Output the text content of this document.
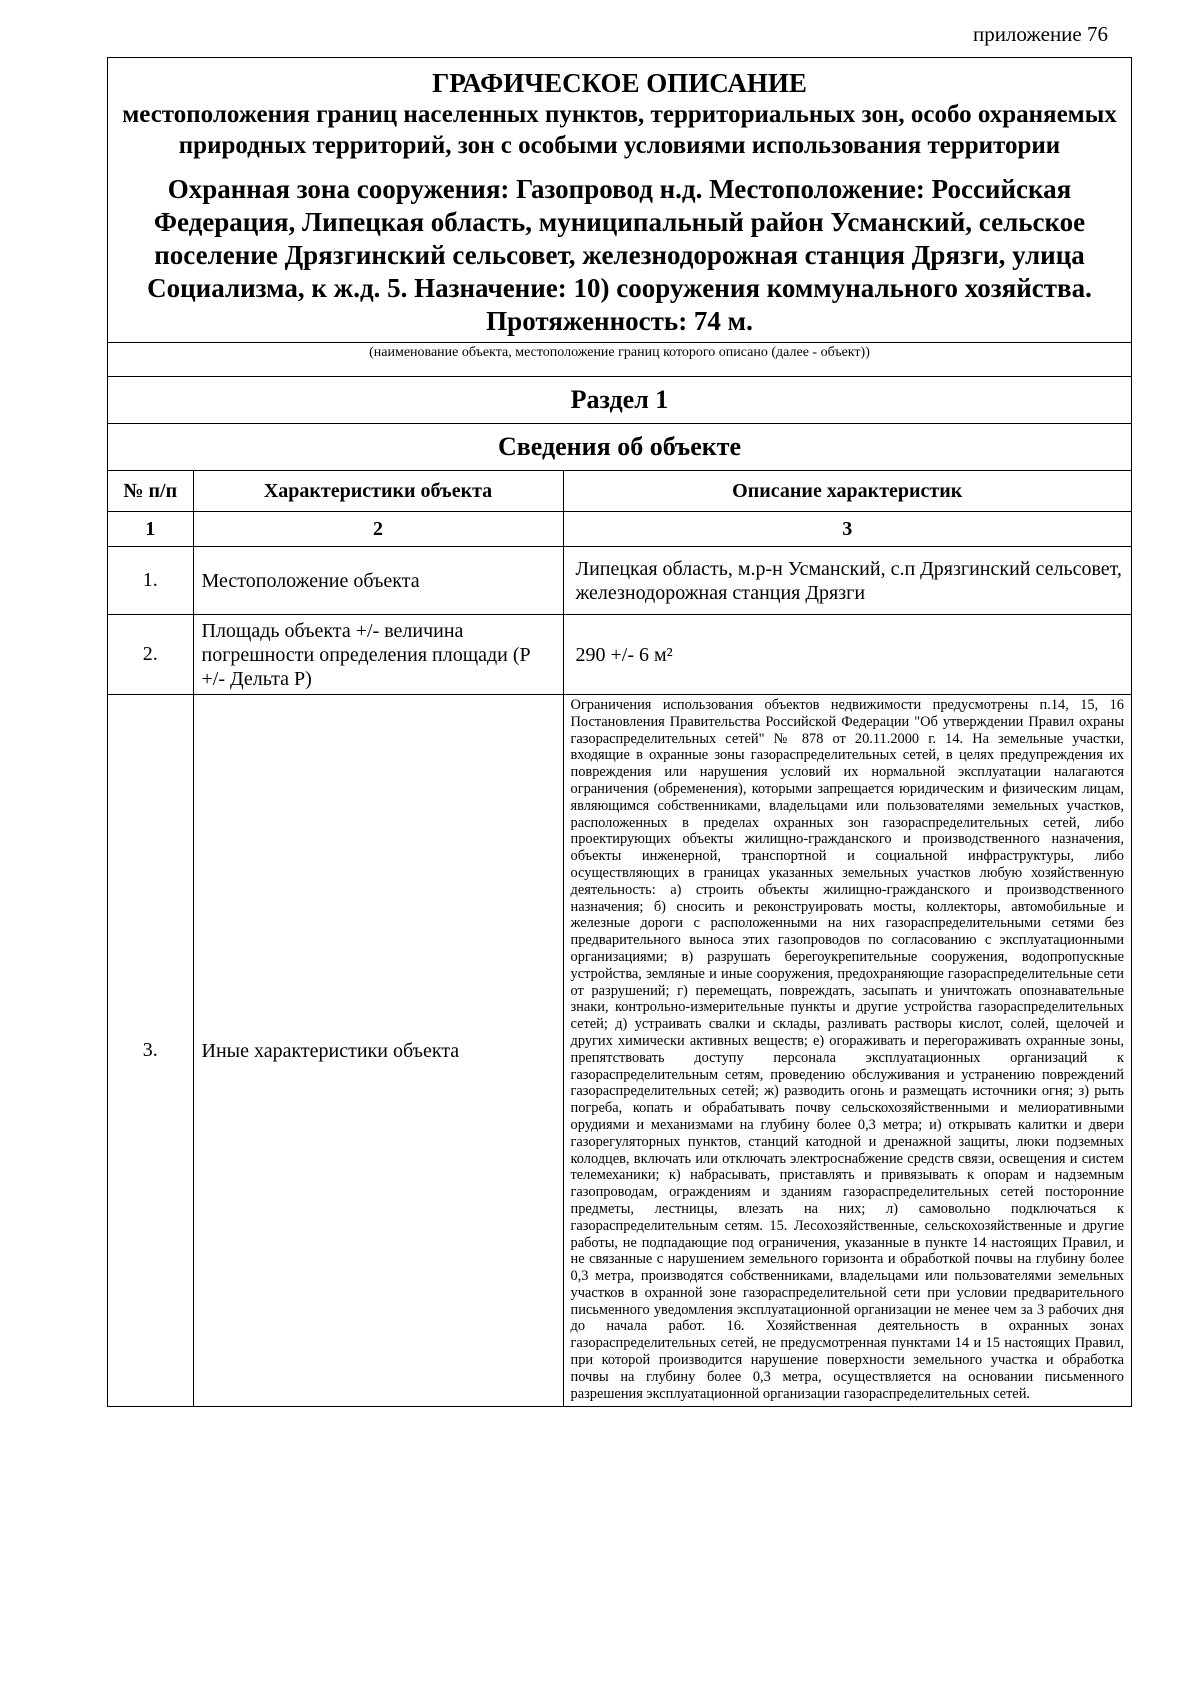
приложение 76
ГРАФИЧЕСКОЕ ОПИСАНИЕ
местоположения границ населенных пунктов, территориальных зон, особо охраняемых природных территорий, зон с особыми условиями использования территории
Охранная зона сооружения: Газопровод н.д. Местоположение: Российская Федерация, Липецкая область, муниципальный район Усманский, сельское поселение Дрязгинский сельсовет, железнодорожная станция Дрязги, улица Социализма, к ж.д. 5. Назначение: 10) сооружения коммунального хозяйства. Протяженность: 74 м.
(наименование объекта, местоположение границ которого описано (далее - объект))
Раздел 1
Сведения об объекте
№ п/п	Характеристики объекта	Описание характеристик
1	2	3
1.	Местоположение объекта	Липецкая область, м.р-н Усманский, с.п Дрязгинский сельсовет, железнодорожная станция Дрязги
2.	Площадь объекта +/- величина погрешности определения площади (Р +/- Дельта Р)	290 +/- 6 м²
3.	Иные характеристики объекта	Ограничения использования объектов недвижимости предусмотрены п.14, 15, 16 Постановления Правительства Российской Федерации "Об утверждении Правил охраны газораспределительных сетей" № 878 от 20.11.2000 г. 14. На земельные участки, входящие в охранные зоны газораспределительных сетей, в целях предупреждения их повреждения или нарушения условий их нормальной эксплуатации налагаются ограничения (обременения), которыми запрещается юридическим и физическим лицам, являющимся собственниками, владельцами или пользователями земельных участков, расположенных в пределах охранных зон газораспределительных сетей, либо проектирующих объекты жилищно-гражданского и производственного назначения, объекты инженерной, транспортной и социальной инфраструктуры, либо осуществляющих в границах указанных земельных участков любую хозяйственную деятельность: а) строить объекты жилищно-гражданского и производственного назначения; б) сносить и реконструировать мосты, коллекторы, автомобильные и железные дороги с расположенными на них газораспределительными сетями без предварительного выноса этих газопроводов по согласованию с эксплуатационными организациями; в) разрушать берегоукрепительные сооружения, водопропускные устройства, земляные и иные сооружения, предохраняющие газораспределительные сети от разрушений; г) перемещать, повреждать, засыпать и уничтожать опознавательные знаки, контрольно-измерительные пункты и другие устройства газораспределительных сетей; д) устраивать свалки и склады, разливать растворы кислот, солей, щелочей и других химически активных веществ; е) огораживать и перегораживать охранные зоны, препятствовать доступу персонала эксплуатационных организаций к газораспределительным сетям, проведению обслуживания и устранению повреждений газораспределительных сетей; ж) разводить огонь и размещать источники огня; з) рыть погреба, копать и обрабатывать почву сельскохозяйственными и мелиоративными орудиями и механизмами на глубину более 0,3 метра; и) открывать калитки и двери газорегуляторных пунктов, станций катодной и дренажной защиты, люки подземных колодцев, включать или отключать электроснабжение средств связи, освещения и систем телемеханики; к) набрасывать, приставлять и привязывать к опорам и надземным газопроводам, ограждениям и зданиям газораспределительных сетей посторонние предметы, лестницы, влезать на них; л) самовольно подключаться к газораспределительным сетям. 15. Лесохозяйственные, сельскохозяйственные и другие работы, не подпадающие под ограничения, указанные в пункте 14 настоящих Правил, и не связанные с нарушением земельного горизонта и обработкой почвы на глубину более 0,3 метра, производятся собственниками, владельцами или пользователями земельных участков в охранной зоне газораспределительной сети при условии предварительного письменного уведомления эксплуатационной организации не менее чем за 3 рабочих дня до начала работ. 16. Хозяйственная деятельность в охранных зонах газораспределительных сетей, не предусмотренная пунктами 14 и 15 настоящих Правил, при которой производится нарушение поверхности земельного участка и обработка почвы на глубину более 0,3 метра, осуществляется на основании письменного разрешения эксплуатационной организации газораспределительных сетей.
